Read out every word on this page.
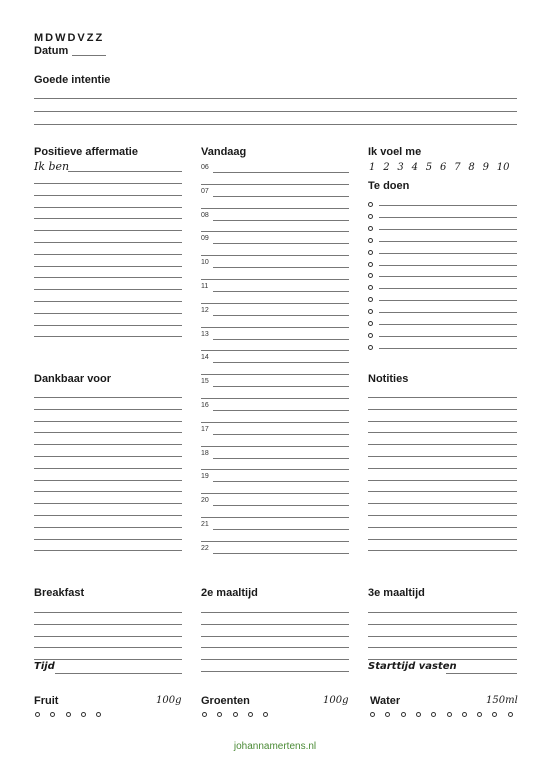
MDWDVZZ
Datum
Goede intentie
Positieve affermatie
Ik ben
Vandaag
06
07
08
09
10
11
12
13
14
15
16
17
18
19
20
21
22
Ik voel me
1 2 3 4 5 6 7 8 9 10
Te doen
Dankbaar voor	Notities
Breakfast	2e maaltijd	3e maaltijd
Tijd	Starttijd vasten
Fruit	100g Groenten	100g Water	150ml
johannamertens.nl
